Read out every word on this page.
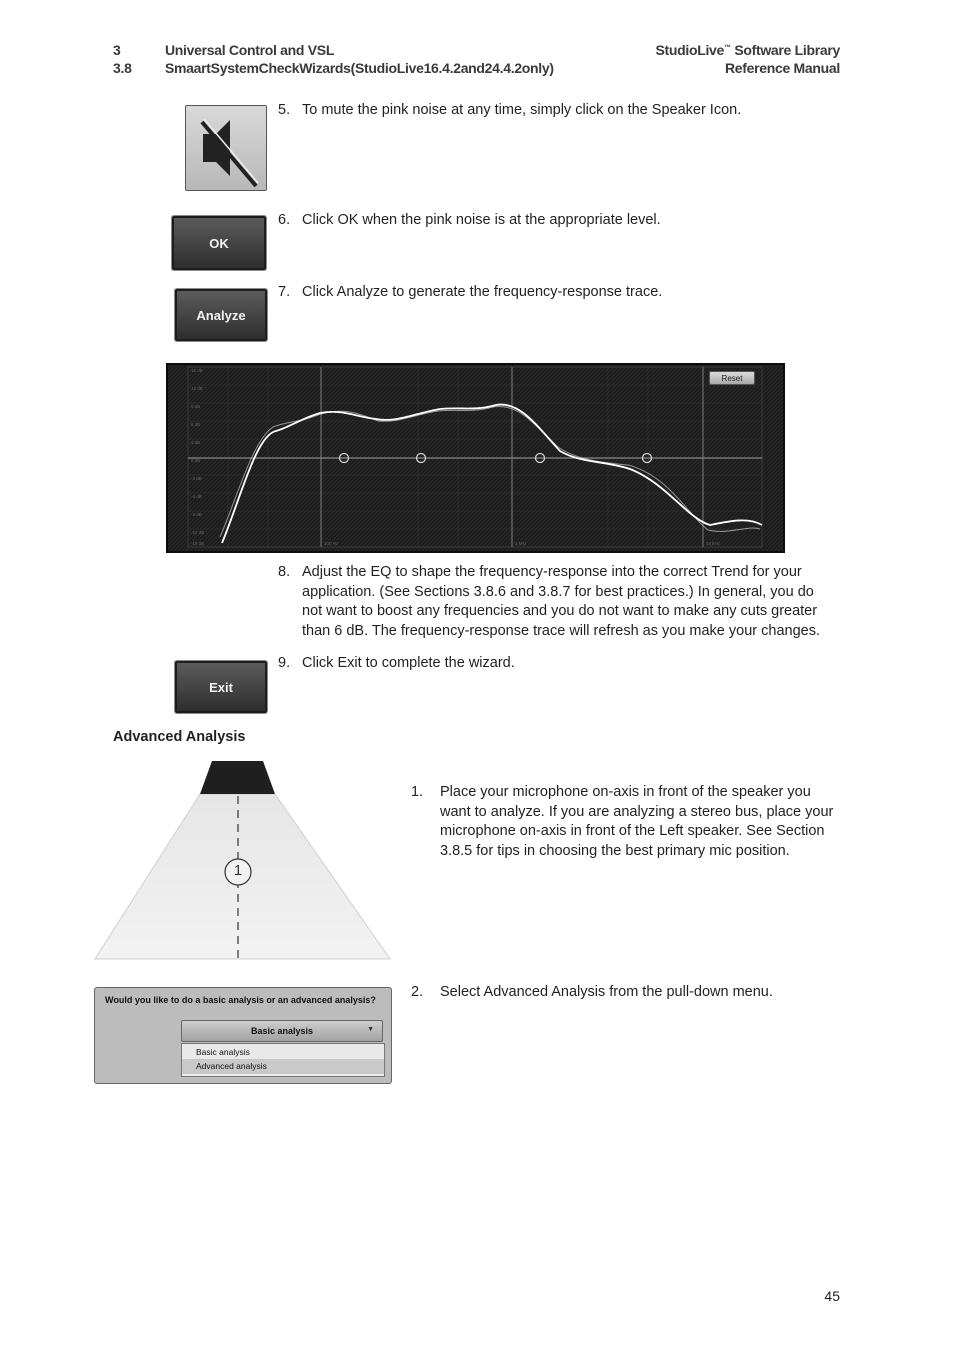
3	Universal Control and VSL
3.8 SmaartSystemCheckWizards(StudioLive16.4.2and24.4.2only)
StudioLive™ Software Library
Reference Manual
5. To mute the pink noise at any time, simply click on the Speaker Icon.
OK
6. Click OK when the pink noise is at the appropriate level.
Analyze
7. Click Analyze to generate the frequency-response trace.
15 dB
12 dB
9 dB
6 dB
3 dB
0 dB
-3 dB
-6 dB
-9 dB
-12 dB
-15 dB	100 Hz	1 kHz	10 kHz
Reset
8. Adjust the EQ to shape the frequency-response into the correct Trend for your
application. (See Sections 3.8.6 and 3.8.7 for best practices.) In general, you do
not want to boost any frequencies and you do not want to make any cuts greater
than 6 dB. The frequency-response trace will refresh as you make your changes.
Exit
9. Click Exit to complete the wizard.
Advanced Analysis
1
1. Place your microphone on-axis in front of the speaker you
want to analyze. If you are analyzing a stereo bus, place your
microphone on-axis in front of the Left speaker. See Section
3.8.5 for tips in choosing the best primary mic position.
Would you like to do a basic analysis or an advanced analysis?
Basic analysis	▼
Basic analysis
Advanced analysis
2. Select Advanced Analysis from the pull-down menu.
45
